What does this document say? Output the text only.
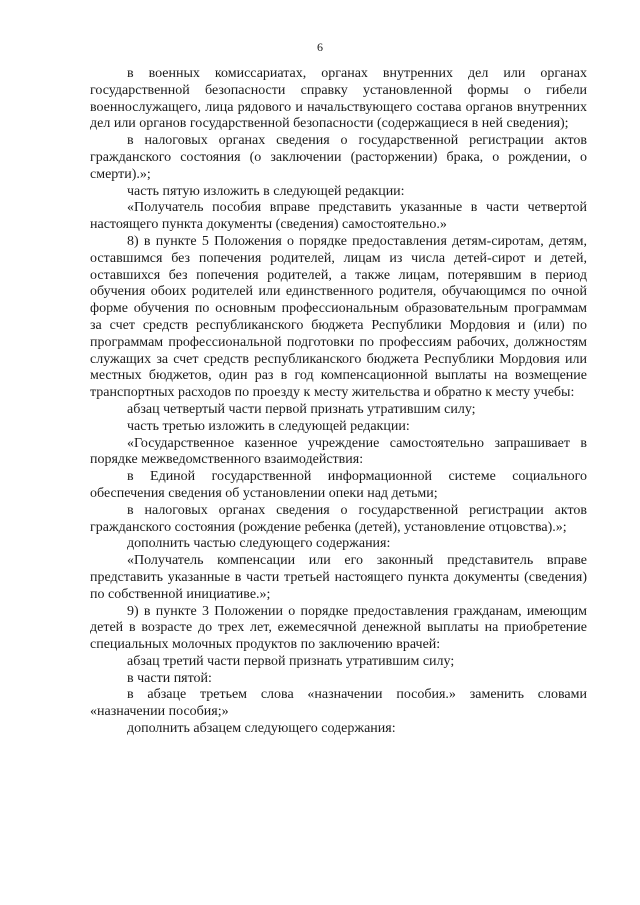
6

в военных комиссариатах, органах внутренних дел или органах государственной безопасности справку установленной формы о гибели военнослужащего, лица рядового и начальствующего состава органов внутренних дел или органов государственной безопасности (содержащиеся в ней сведения);

в налоговых органах сведения о государственной регистрации актов гражданского состояния (о заключении (расторжении) брака, о рождении, о смерти).»;

часть пятую изложить в следующей редакции:

«Получатель пособия вправе представить указанные в части четвертой настоящего пункта документы (сведения) самостоятельно.»

8) в пункте 5 Положения о порядке предоставления детям-сиротам, детям, оставшимся без попечения родителей, лицам из числа детей-сирот и детей, оставшихся без попечения родителей, а также лицам, потерявшим в период обучения обоих родителей или единственного родителя, обучающимся по очной форме обучения по основным профессиональным образовательным программам за счет средств республиканского бюджета Республики Мордовия и (или) по программам профессиональной подготовки по профессиям рабочих, должностям служащих за счет средств республиканского бюджета Республики Мордовия или местных бюджетов, один раз в год компенсационной выплаты на возмещение транспортных расходов по проезду к месту жительства и обратно к месту учебы:

абзац четвертый части первой признать утратившим силу;

часть третью изложить в следующей редакции:

«Государственное казенное учреждение самостоятельно запрашивает в порядке межведомственного взаимодействия:

в Единой государственной информационной системе социального обеспечения сведения об установлении опеки над детьми;

в налоговых органах сведения о государственной регистрации актов гражданского состояния (рождение ребенка (детей), установление отцовства).»;

дополнить частью следующего содержания:

«Получатель компенсации или его законный представитель вправе представить указанные в части третьей настоящего пункта документы (сведения) по собственной инициативе.»;

9) в пункте 3 Положении о порядке предоставления гражданам, имеющим детей в возрасте до трех лет, ежемесячной денежной выплаты на приобретение специальных молочных продуктов по заключению врачей:

абзац третий части первой признать утратившим силу;

в части пятой:

в абзаце третьем слова «назначении пособия.» заменить словами «назначении пособия;»

дополнить абзацем следующего содержания:
